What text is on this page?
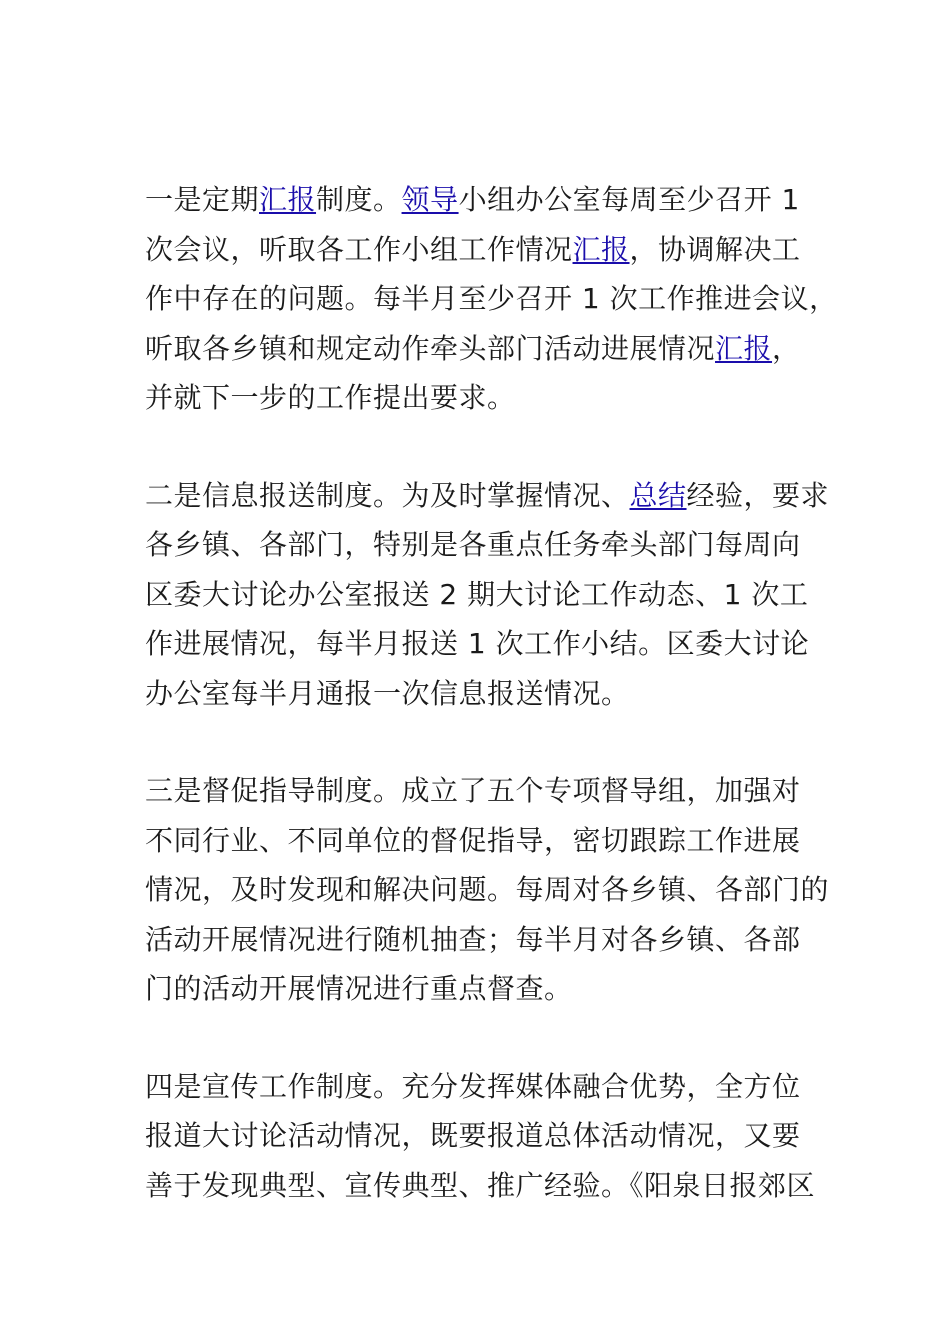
一是定期汇报制度。领导小组办公室每周至少召开 1
次会议，听取各工作小组工作情况汇报，协调解决工
作中存在的问题。每半月至少召开 1 次工作推进会议，
听取各乡镇和规定动作牵头部门活动进展情况汇报，
并就下一步的工作提出要求。

二是信息报送制度。为及时掌握情况、总结经验，要求
各乡镇、各部门，特别是各重点任务牵头部门每周向
区委大讨论办公室报送 2 期大讨论工作动态、1 次工
作进展情况，每半月报送 1 次工作小结。区委大讨论
办公室每半月通报一次信息报送情况。

三是督促指导制度。成立了五个专项督导组，加强对
不同行业、不同单位的督促指导，密切跟踪工作进展
情况，及时发现和解决问题。每周对各乡镇、各部门的
活动开展情况进行随机抽查；每半月对各乡镇、各部
门的活动开展情况进行重点督查。

四是宣传工作制度。充分发挥媒体融合优势，全方位
报道大讨论活动情况，既要报道总体活动情况，又要
善于发现典型、宣传典型、推广经验。《阳泉日报郊区
